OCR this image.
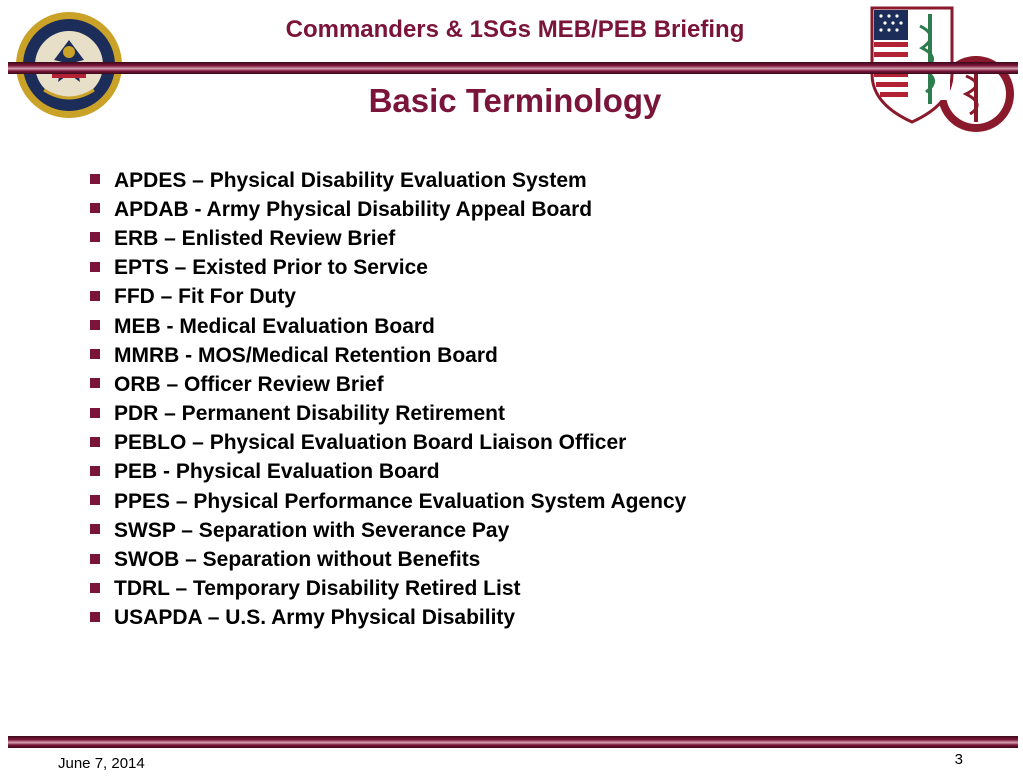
Commanders & 1SGs MEB/PEB Briefing
Basic Terminology
APDES – Physical Disability Evaluation System
APDAB - Army Physical Disability Appeal Board
ERB – Enlisted Review Brief
EPTS – Existed Prior to Service
FFD – Fit For Duty
MEB - Medical Evaluation Board
MMRB - MOS/Medical Retention Board
ORB – Officer Review Brief
PDR – Permanent Disability Retirement
PEBLO – Physical Evaluation Board Liaison Officer
PEB - Physical Evaluation Board
PPES – Physical Performance Evaluation System Agency
SWSP – Separation with Severance Pay
SWOB – Separation without Benefits
TDRL – Temporary Disability Retired List
USAPDA – U.S. Army Physical Disability
June 7, 2014	3
